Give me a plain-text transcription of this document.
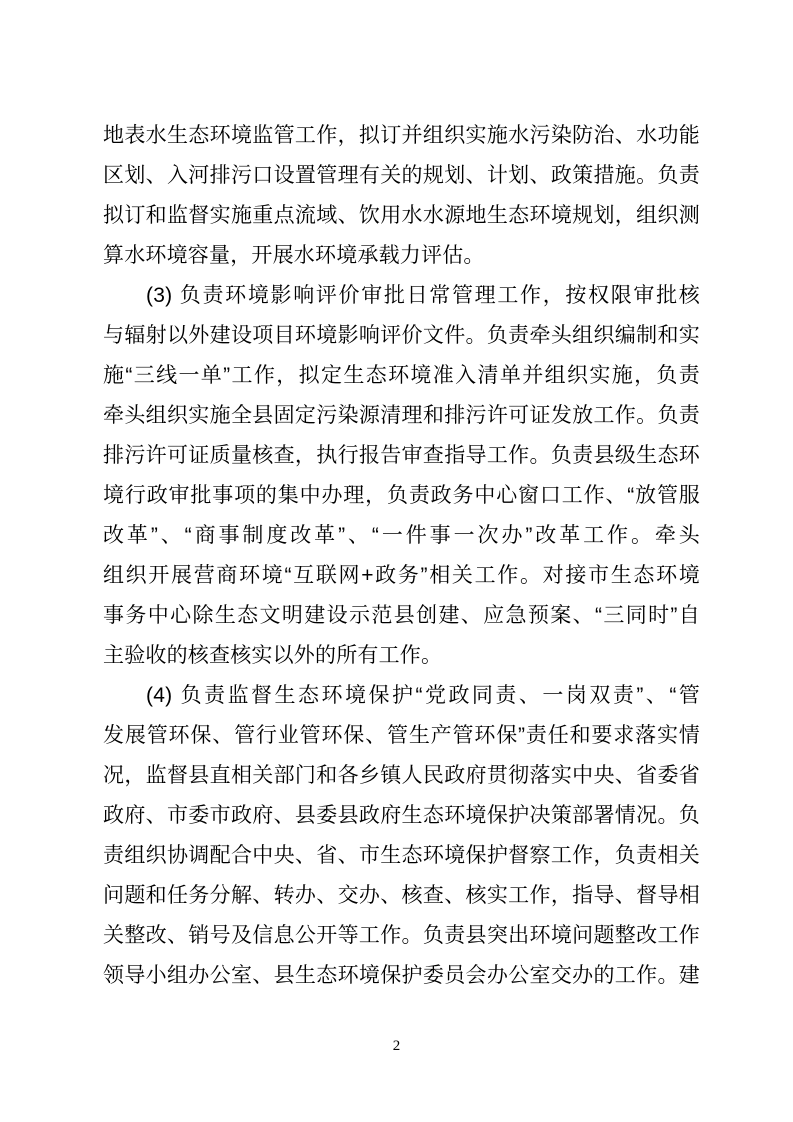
地表水生态环境监管工作，拟订并组织实施水污染防治、水功能
区划、入河排污口设置管理有关的规划、计划、政策措施。负责
拟订和监督实施重点流域、饮用水水源地生态环境规划，组织测
算水环境容量，开展水环境承载力评估。
(3) 负责环境影响评价审批日常管理工作，按权限审批核
与辐射以外建设项目环境影响评价文件。负责牵头组织编制和实
施“三线一单”工作，拟定生态环境准入清单并组织实施，负责
牵头组织实施全县固定污染源清理和排污许可证发放工作。负责
排污许可证质量核查，执行报告审查指导工作。负责县级生态环
境行政审批事项的集中办理，负责政务中心窗口工作、“放管服
改革”、“商事制度改革”、“一件事一次办”改革工作。牵头
组织开展营商环境“互联网+政务”相关工作。对接市生态环境
事务中心除生态文明建设示范县创建、应急预案、“三同时”自
主验收的核查核实以外的所有工作。
(4) 负责监督生态环境保护“党政同责、一岗双责”、“管
发展管环保、管行业管环保、管生产管环保”责任和要求落实情
况，监督县直相关部门和各乡镇人民政府贯彻落实中央、省委省
政府、市委市政府、县委县政府生态环境保护决策部署情况。负
责组织协调配合中央、省、市生态环境保护督察工作，负责相关
问题和任务分解、转办、交办、核查、核实工作，指导、督导相
关整改、销号及信息公开等工作。负责县突出环境问题整改工作
领导小组办公室、县生态环境保护委员会办公室交办的工作。建
2
